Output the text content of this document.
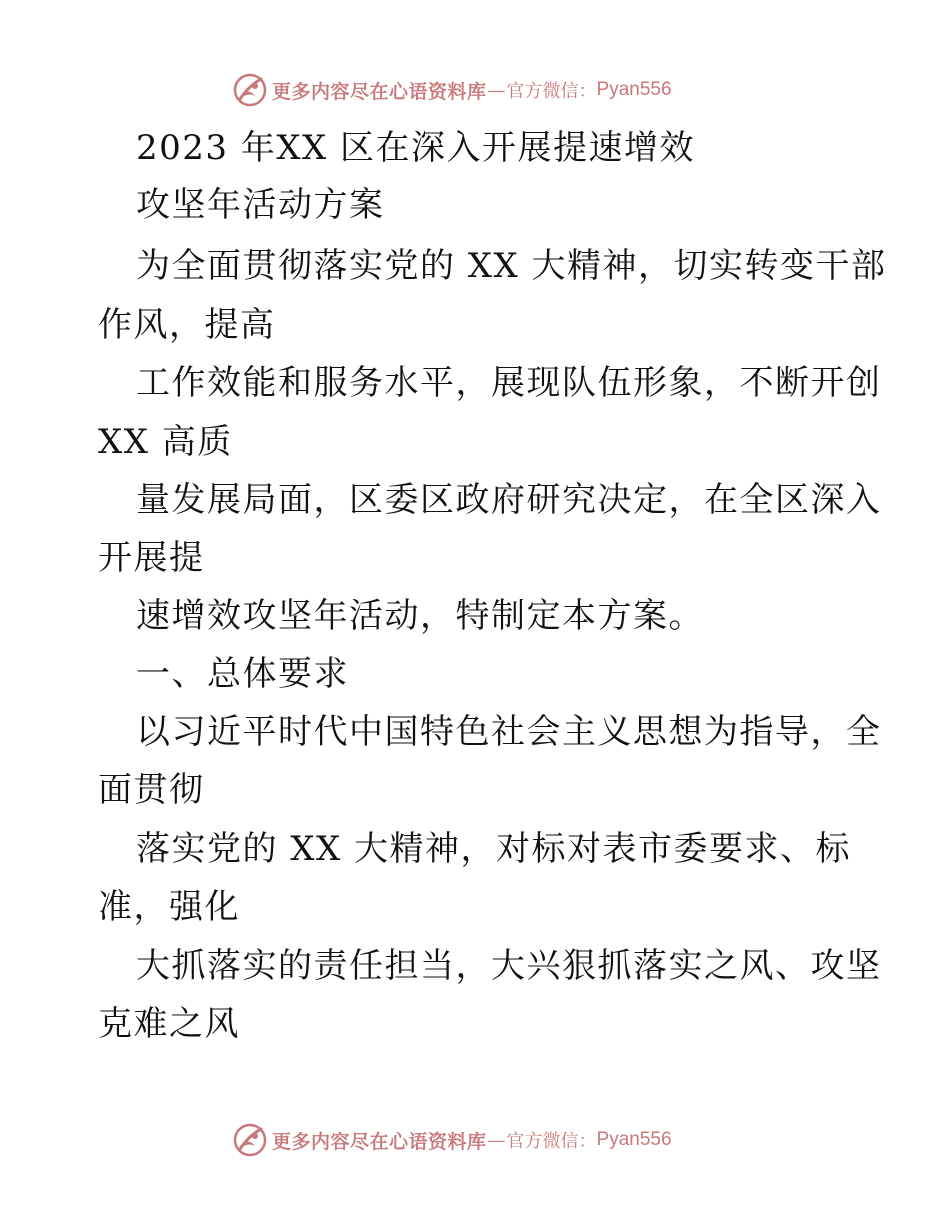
更多内容尽在心语资料库 — 官方微信： Pyan556

2023 年XX 区在深入开展提速增效

攻坚年活动方案

为全面贯彻落实党的 XX 大精神，切实转变干部

作风，提高

工作效能和服务水平，展现队伍形象，不断开创

XX 高质

量发展局面，区委区政府研究决定，在全区深入

开展提

速增效攻坚年活动，特制定本方案。

一、总体要求

以习近平时代中国特色社会主义思想为指导，全

面贯彻

落实党的 XX 大精神，对标对表市委要求、标

准，强化

大抓落实的责任担当，大兴狠抓落实之风、攻坚

克难之风

更多内容尽在心语资料库 — 官方微信： Pyan556
